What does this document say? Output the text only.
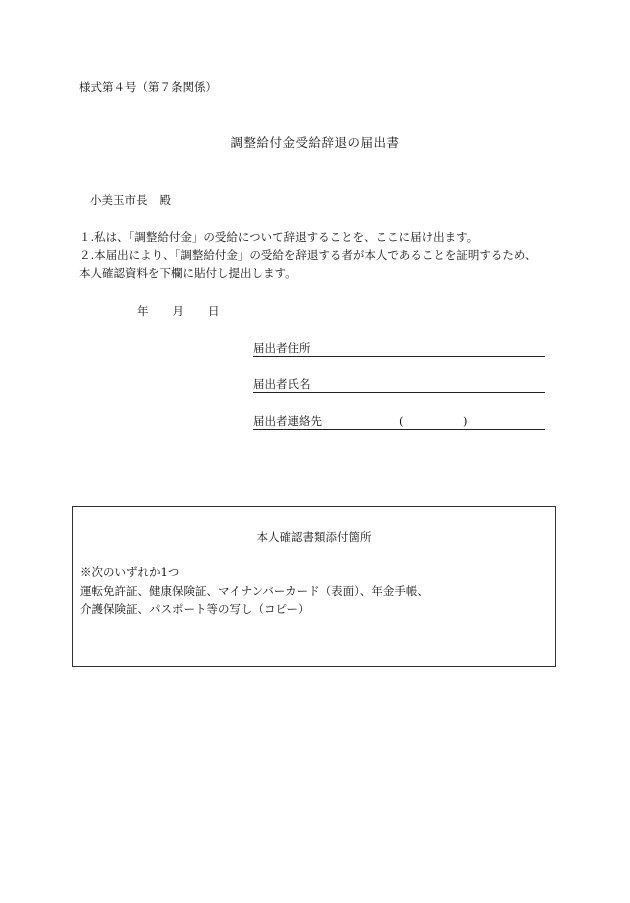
様式第４号（第７条関係）
調整給付金受給辞退の届出書
小美玉市長 殿
１.私は、「調整給付金」の受給について辞退することを、ここに届け出ます。
２.本届出により、「調整給付金」の受給を辞退する者が本人であることを証明するため、
本人確認資料を下欄に貼付し提出します。
年 月 日
届出者住所
届出者氏名
届出者連絡先	(	)
本人確認書類添付箇所
※次のいずれか1つ
運転免許証、健康保険証、マイナンバーカード（表面）、年金手帳、
介護保険証、パスポート等の写し（コピー）
